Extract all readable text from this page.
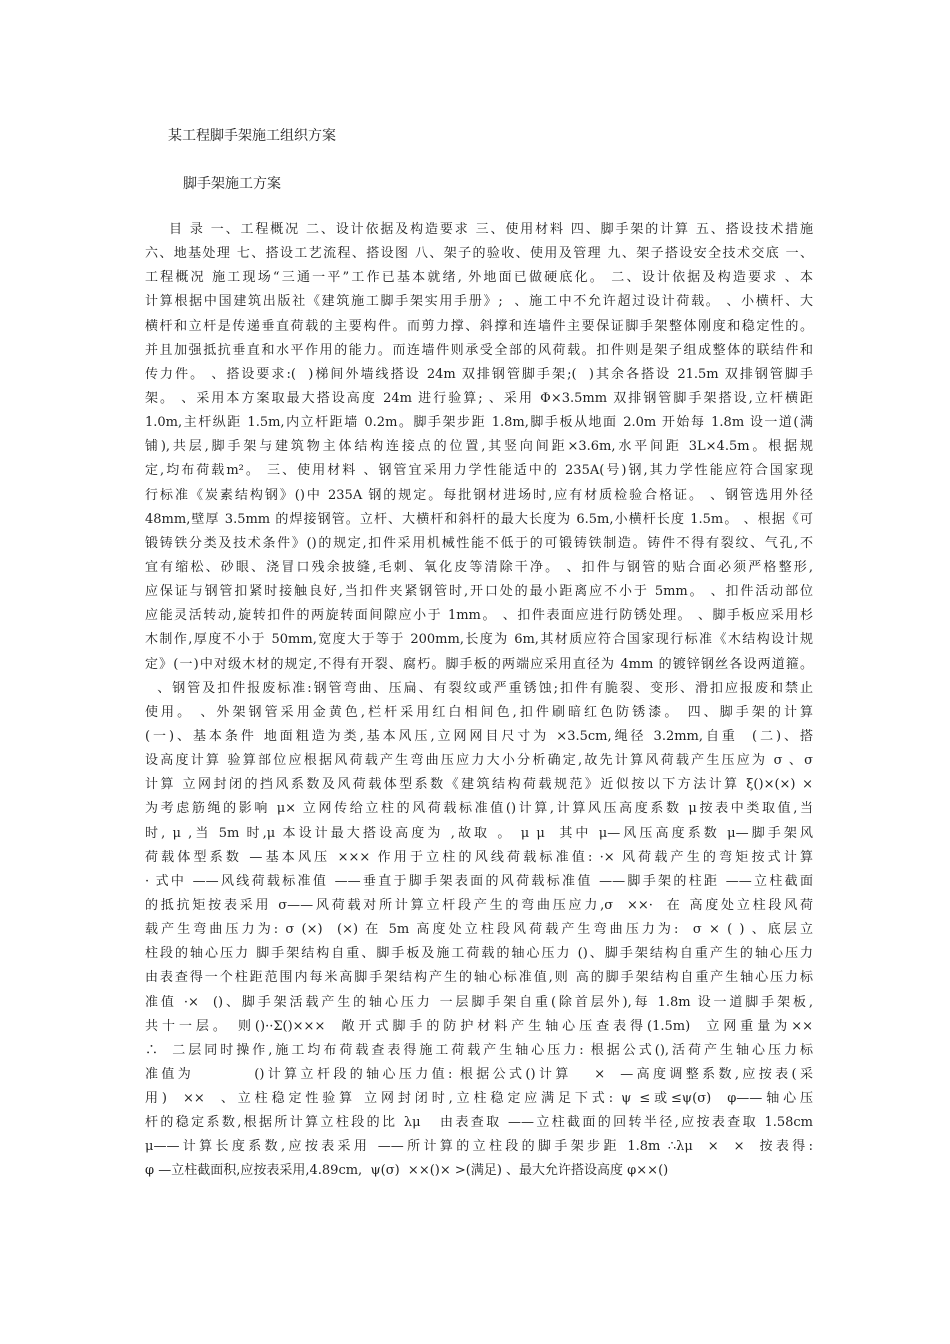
某工程脚手架施工组织方案
脚手架施工方案
目 录 一、工程概况 二、设计依据及构造要求 三、使用材料 四、脚手架的计算 五、搭设技术措施
六、地基处理 七、搭设工艺流程、搭设图 八、架子的验收、使用及管理 九、架子搭设安全技术交底 一、
工程概况 施工现场“三通一平”工作已基本就绪, 外地面已做硬底化。 二、设计依据及构造要求 、本
计算根据中国建筑出版社《建筑施工脚手架实用手册》;  、施工中不允许超过设计荷载。 、小横杆、大
横杆和立杆是传递垂直荷载的主要构件。而剪力撑、斜撑和连墙件主要保证脚手架整体刚度和稳定性的。
并且加强抵抗垂直和水平作用的能力。而连墙件则承受全部的风荷载。扣件则是架子组成整体的联结件和
传力件。 、搭设要求:(  )梯间外墙线搭设 24m 双排钢管脚手架;(  )其余各搭设 21.5m 双排钢管脚手
架。 、采用本方案取最大搭设高度 24m 进行验算; 、采用 Φ×3.5mm 双排钢管脚手架搭设,立杆横距
1.0m,主杆纵距 1.5m,内立杆距墙 0.2m。脚手架步距 1.8m,脚手板从地面 2.0m 开始每 1.8m 设一道(满
铺),共层,脚手架与建筑物主体结构连接点的位置,其竖向间距×3.6m,水平间距 3L×4.5m。根据规
定,均布荷载m²。 三、使用材料 、钢管宜采用力学性能适中的 235A(号)钢,其力学性能应符合国家现
行标准《炭素结构钢》()中 235A 钢的规定。每批钢材进场时,应有材质检验合格证。 、钢管选用外径
48mm,壁厚 3.5mm 的焊接钢管。立杆、大横杆和斜杆的最大长度为 6.5m,小横杆长度 1.5m。 、根据《可
锻铸铁分类及技术条件》()的规定,扣件采用机械性能不低于的可锻铸铁制造。铸件不得有裂纹、气孔,不
宜有缩松、砂眼、浇冒口残余披缝,毛刺、氧化皮等清除干净。 、扣件与钢管的贴合面必须严格整形,
应保证与钢管扣紧时接触良好,当扣件夹紧钢管时,开口处的最小距离应不小于 5mm。 、扣件活动部位
应能灵活转动,旋转扣件的两旋转面间隙应小于 1mm。 、扣件表面应进行防锈处理。 、脚手板应采用杉
木制作,厚度不小于 50mm,宽度大于等于 200mm,长度为 6m,其材质应符合国家现行标准《木结构设计规
定》(一)中对级木材的规定,不得有开裂、腐朽。脚手板的两端应采用直径为 4mm 的镀锌钢丝各设两道箍。
、钢管及扣件报废标准:钢管弯曲、压扁、有裂纹或严重锈蚀;扣件有脆裂、变形、滑扣应报废和禁止
使用。 、外架钢管采用金黄色,栏杆采用红白相间色,扣件刷暗红色防锈漆。 四、脚手架的计算
(一)、基本条件 地面粗造为类,基本风压,立网网目尺寸为 ×3.5cm,绳径 3.2mm,自重  (二)、搭
设高度计算 验算部位应根据风荷载产生弯曲压应力大小分析确定,故先计算风荷载产生压应为 σ 、σ
计算 立网封闭的挡风系数及风荷载体型系数《建筑结构荷载规范》近似按以下方法计算 ξ()×(×) ×
为考虑筋绳的影响 μ× 立网传给立柱的风荷载标准值()计算,计算风压高度系数 μ按表中类取值,当
时, μ ,当 5m 时,μ 本设计最大搭设高度为 ,故取 。 μ μ  其中 μ—风压高度系数 μ—脚手架风
荷载体型系数 —基本风压 ××× 作用于立柱的风线荷载标准值: ·× 风荷载产生的弯矩按式计算
· 式中 ——风线荷载标准值 ——垂直于脚手架表面的风荷载标准值 ——脚手架的柱距 ——立柱截面
的抵抗矩按表采用 σ——风荷载对所计算立杆段产生的弯曲压应力,σ  ××·  在 高度处立柱段风荷
载产生弯曲压力为: σ (×)  (×) 在 5m 高度处立柱段风荷载产生弯曲压力为:  σ × ( ) 、底层立
柱段的轴心压力 脚手架结构自重、脚手板及施工荷载的轴心压力 ()、脚手架结构自重产生的轴心压力
由表查得一个柱距范围内每米高脚手架结构产生的轴心标准值,则 高的脚手架结构自重产生轴心压力标
准值 ·×  ()、脚手架活载产生的轴心压力 一层脚手架自重(除首层外),每 1.8m 设一道脚手架板,
共十一层。 则()··Σ()×××  敞开式脚手的防护材料产生轴心压查表得(1.5m)  立网重量为××
∴  二层同时操作,施工均布荷载查表得施工荷载产生轴心压力: 根据公式(),活荷产生轴心压力标
准值为        ()计算立杆段的轴心压力值: 根据公式()计算   ×  —高度调整系数,应按表(采
用)  ××  、立柱稳定性验算 立网封闭时,立柱稳定应满足下式: ψ ≤或≤ψ(σ)  φ——轴心压
杆的稳定系数,根据所计算立柱段的比 λμ   由表查取 ——立柱截面的回转半径,应按表查取 1.58cm
μ——计算长度系数,应按表采用 ——所计算的立柱段的脚手架步距 1.8m ∴λμ  ×  ×  按表得:
φ —立柱截面积,应按表采用,4.89cm,  ψ(σ)  ××()× >(满足) 、最大允许搭设高度 φ××()
